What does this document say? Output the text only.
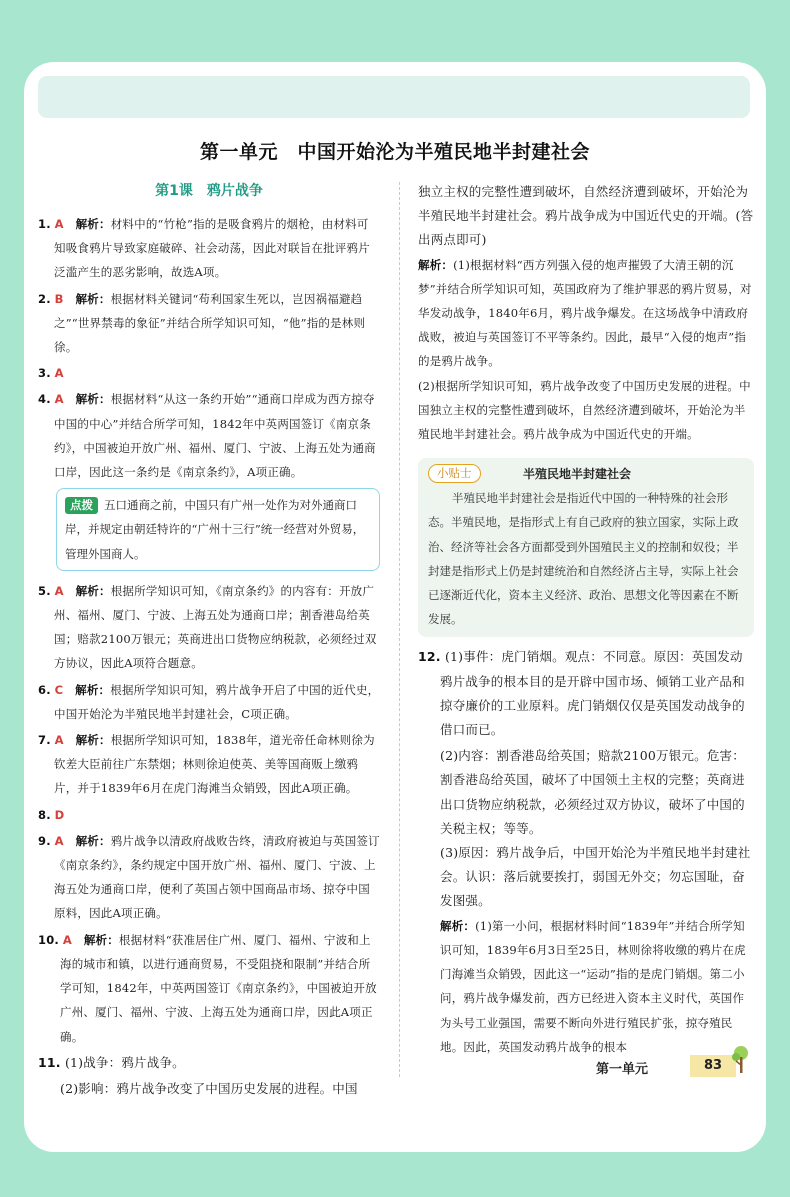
第一单元　中国开始沦为半殖民地半封建社会
第1课　鸦片战争
1. A 解析：材料中的“竹枪”指的是吸食鸦片的烟枪，由材料可知吸食鸦片导致家庭破碎、社会动荡，因此对联旨在批评鸦片泛滥产生的恶劣影响，故选A项。
2. B 解析：根据材料关键词“苟利国家生死以，岂因祸福避趋之”“世界禁毒的象征”并结合所学知识可知，“他”指的是林则徐。
3. A
4. A 解析：根据材料“从这一条约开始”“通商口岸成为西方掠夺中国的中心”并结合所学可知，1842年中英两国签订《南京条约》，中国被迫开放广州、福州、厦门、宁波、上海五处为通商口岸，因此这一条约是《南京条约》，A项正确。
点拨 五口通商之前，中国只有广州一处作为对外通商口岸，并规定由朝廷特许的“广州十三行”统一经营对外贸易，管理外国商人。
5. A 解析：根据所学知识可知，《南京条约》的内容有：开放广州、福州、厦门、宁波、上海五处为通商口岸；割香港岛给英国；赔款2100万银元；英商进出口货物应纳税款，必须经过双方协议，因此A项符合题意。
6. C 解析：根据所学知识可知，鸦片战争开启了中国的近代史，中国开始沦为半殖民地半封建社会，C项正确。
7. A 解析：根据所学知识可知，1838年，道光帝任命林则徐为钦差大臣前往广东禁烟；林则徐迫使英、美等国商贩上缴鸦片，并于1839年6月在虎门海滩当众销毁，因此A项正确。
8. D
9. A 解析：鸦片战争以清政府战败告终，清政府被迫与英国签订《南京条约》，条约规定中国开放广州、福州、厦门、宁波、上海五处为通商口岸，便利了英国占领中国商品市场、掠夺中国原料，因此A项正确。
10. A 解析：根据材料“获准居住广州、厦门、福州、宁波和上海的城市和镇，以进行通商贸易，不受阻挠和限制”并结合所学可知，1842年，中英两国签订《南京条约》，中国被迫开放广州、厦门、福州、宁波、上海五处为通商口岸，因此A项正确。
11. (1)战争：鸦片战争。
(2)影响：鸦片战争改变了中国历史发展的进程。中国
独立主权的完整性遭到破坏，自然经济遭到破坏，开始沦为半殖民地半封建社会。鸦片战争成为中国近代史的开端。(答出两点即可)
解析：(1)根据材料“西方列强入侵的炮声摧毁了大清王朝的沉梦”并结合所学知识可知，英国政府为了维护罪恶的鸦片贸易，对华发动战争，1840年6月，鸦片战争爆发。在这场战争中清政府战败，被迫与英国签订不平等条约。因此，最早“入侵的炮声”指的是鸦片战争。
(2)根据所学知识可知，鸦片战争改变了中国历史发展的进程。中国独立主权的完整性遭到破坏，自然经济遭到破坏，开始沦为半殖民地半封建社会。鸦片战争成为中国近代史的开端。
小贴士	半殖民地半封建社会
半殖民地半封建社会是指近代中国的一种特殊的社会形态。半殖民地，是指形式上有自己政府的独立国家，实际上政治、经济等社会各方面都受到外国殖民主义的控制和奴役；半封建是指形式上仍是封建统治和自然经济占主导，实际上社会已逐渐近代化，资本主义经济、政治、思想文化等因素在不断发展。
12. (1)事件：虎门销烟。观点：不同意。原因：英国发动鸦片战争的根本目的是开辟中国市场、倾销工业产品和掠夺廉价的工业原料。虎门销烟仅仅是英国发动战争的借口而已。
(2)内容：割香港岛给英国；赔款2100万银元。危害：割香港岛给英国，破坏了中国领土主权的完整；英商进出口货物应纳税款，必须经过双方协议，破坏了中国的关税主权；等等。
(3)原因：鸦片战争后，中国开始沦为半殖民地半封建社会。认识：落后就要挨打，弱国无外交；勿忘国耻，奋发图强。
解析：(1)第一小问，根据材料时间“1839年”并结合所学知识可知，1839年6月3日至25日，林则徐将收缴的鸦片在虎门海滩当众销毁，因此这一“运动”指的是虎门销烟。第二小问，鸦片战争爆发前，西方已经进入资本主义时代，英国作为头号工业强国，需要不断向外进行殖民扩张，掠夺殖民地。因此，英国发动鸦片战争的根本
第一单元	83
